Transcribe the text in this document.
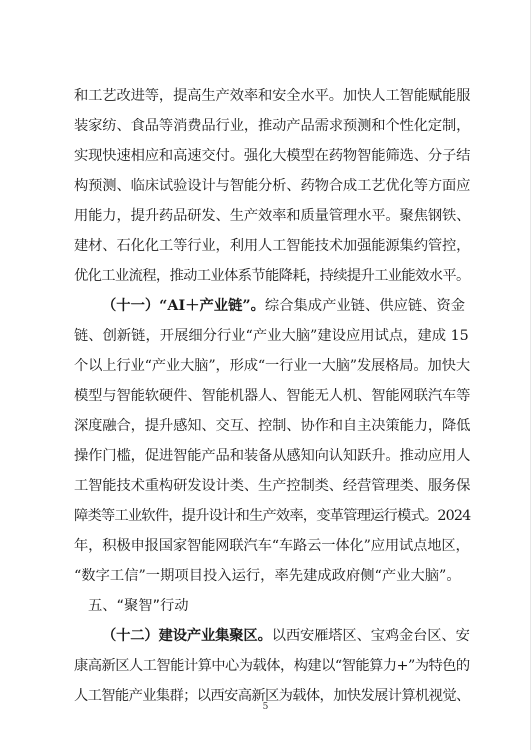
和工艺改进等，提高生产效率和安全水平。加快人工智能赋能服
装家纺、食品等消费品行业，推动产品需求预测和个性化定制，
实现快速相应和高速交付。强化大模型在药物智能筛选、分子结
构预测、临床试验设计与智能分析、药物合成工艺优化等方面应
用能力，提升药品研发、生产效率和质量管理水平。聚焦钢铁、
建材、石化化工等行业，利用人工智能技术加强能源集约管控，
优化工业流程，推动工业体系节能降耗，持续提升工业能效水平。
（十一）“AI＋产业链”。综合集成产业链、供应链、资金
链、创新链，开展细分行业“产业大脑”建设应用试点，建成 15
个以上行业“产业大脑”，形成“一行业一大脑”发展格局。加快大
模型与智能软硬件、智能机器人、智能无人机、智能网联汽车等
深度融合，提升感知、交互、控制、协作和自主决策能力，降低
操作门槛，促进智能产品和装备从感知向认知跃升。推动应用人
工智能技术重构研发设计类、生产控制类、经营管理类、服务保
障类等工业软件，提升设计和生产效率，变革管理运行模式。2024
年，积极申报国家智能网联汽车“车路云一体化”应用试点地区，
“数字工信”一期项目投入运行，率先建成政府侧“产业大脑”。
五、“聚智”行动
（十二）建设产业集聚区。以西安雁塔区、宝鸡金台区、安
康高新区人工智能计算中心为载体，构建以“智能算力+”为特色的
人工智能产业集群；以西安高新区为载体，加快发展计算机视觉、
5
